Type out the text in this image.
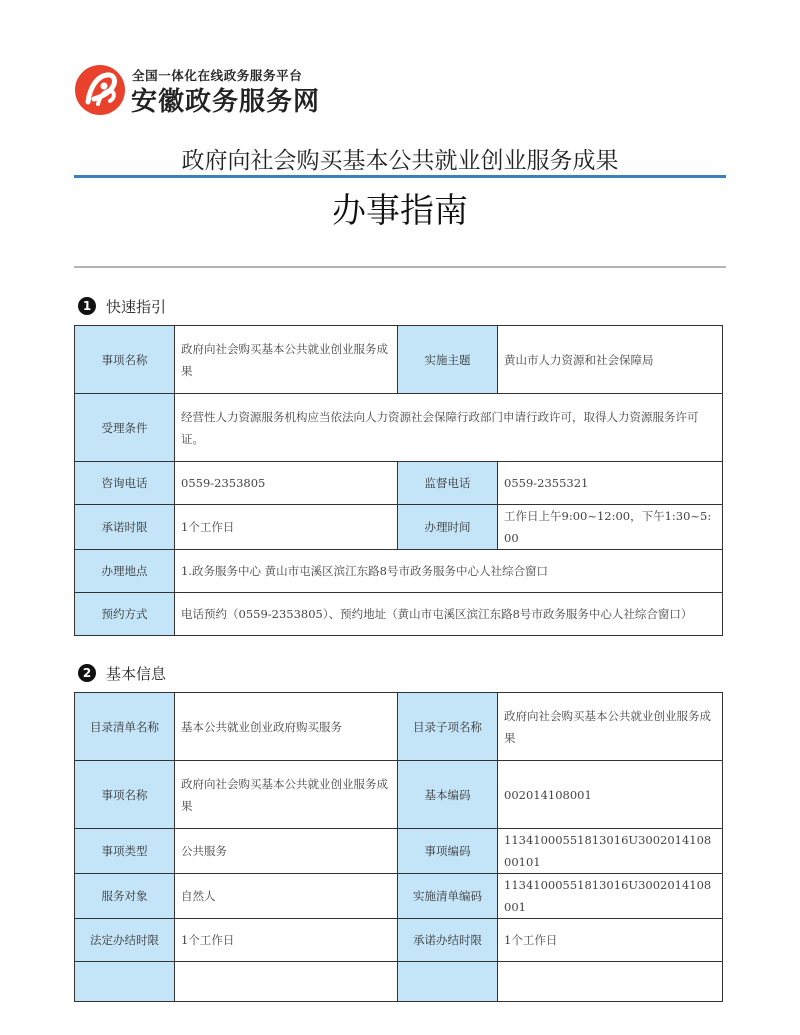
全国一体化在线政务服务平台
安徽政务服务网
政府向社会购买基本公共就业创业服务成果
办事指南
1 快速指引
事项名称	政府向社会购买基本公共就业创业服务成果	实施主题	黄山市人力资源和社会保障局
受理条件	经营性人力资源服务机构应当依法向人力资源社会保障行政部门申请行政许可，取得人力资源服务许可证。		
咨询电话	0559-2353805	监督电话	0559-2355321
承诺时限	1个工作日	办理时间	工作日上午9:00~12:00，下午1:30~5:00
办理地点	1.政务服务中心 黄山市屯溪区滨江东路8号市政务服务中心人社综合窗口		
预约方式	电话预约（0559-2353805）、预约地址（黄山市屯溪区滨江东路8号市政务服务中心人社综合窗口）		
2 基本信息
目录清单名称	基本公共就业创业政府购买服务	目录子项名称	政府向社会购买基本公共就业创业服务成果
事项名称	政府向社会购买基本公共就业创业服务成果	基本编码	002014108001
事项类型	公共服务	事项编码	11341000551813016U300201410800101
服务对象	自然人	实施清单编码	11341000551813016U3002014108001
法定办结时限	1个工作日	承诺办结时限	1个工作日
